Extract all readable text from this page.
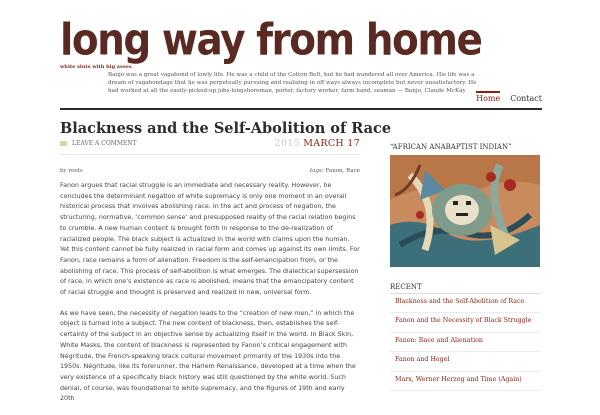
long way from home
white sluts with big asses
Banjo was a great vagabond of lowly life. He was a child of the Cotton Belt, but he had wandered all over America. His life was a dream of vagabondage that he was perpetually pursuing and realizing in off ways always incomplete but never unsatisfactory. He had worked at all the easily-picked-up jobs-longshoreman, porter, factory worker, farm hand, seaman — Banjo, Claude McKay
Home Contact
Blackness and the Self-Abolition of Race
LEAVE A COMMENT	2015 MARCH 17
by roots	tags: Fanon, Race

Fanon argues that racial struggle is an immediate and necessary reality. However, he concludes the determinant negation of white supremacy is only one moment in an overall historical process that involves abolishing race. In the act and process of negation, the structuring, normative, ‘common sense’ and presupposed reality of the racial relation begins to crumble. A new human content is brought forth in response to the de-realization of racialized people. The black subject is actualized in the world with claims upon the human. Yet this content cannot be fully realized in racial form and comes up against its own limits. For Fanon, race remains a form of alienation. Freedom is the self-emancipation from, or the abolishing of race. This process of self-abolition is what emerges. The dialectical supersession of race, in which one’s existence as race is abolished, means that the emancipatory content of racial struggle and thought is preserved and realized in new, universal form.

As we have seen, the necessity of negation leads to the “creation of new men,” in which the object is turned into a subject. The new content of blackness, then, establishes the self-certainty of the subject in an objective sense by actualizing itself in the world. In Black Skin, White Masks, the content of blackness is represented by Fanon’s critical engagement with Négritude, the French-speaking black cultural movement primarily of the 1930s into the 1950s. Négritude, like its forerunner, the Harlem Renaissance, developed at a time when the very existence of a specifically black history was still questioned by the white world. Such denial, of course, was foundational to white supremacy, and the figures of 19th and early 20th

“AFRICAN ANABAPTIST INDIAN”
RECENT
Blackness and the Self-Abolition of Race
Fanon and the Necessity of Black Struggle
Fanon: Race and Alienation
Fanon and Hegel
Marx, Werner Herzog and Time (Again)
